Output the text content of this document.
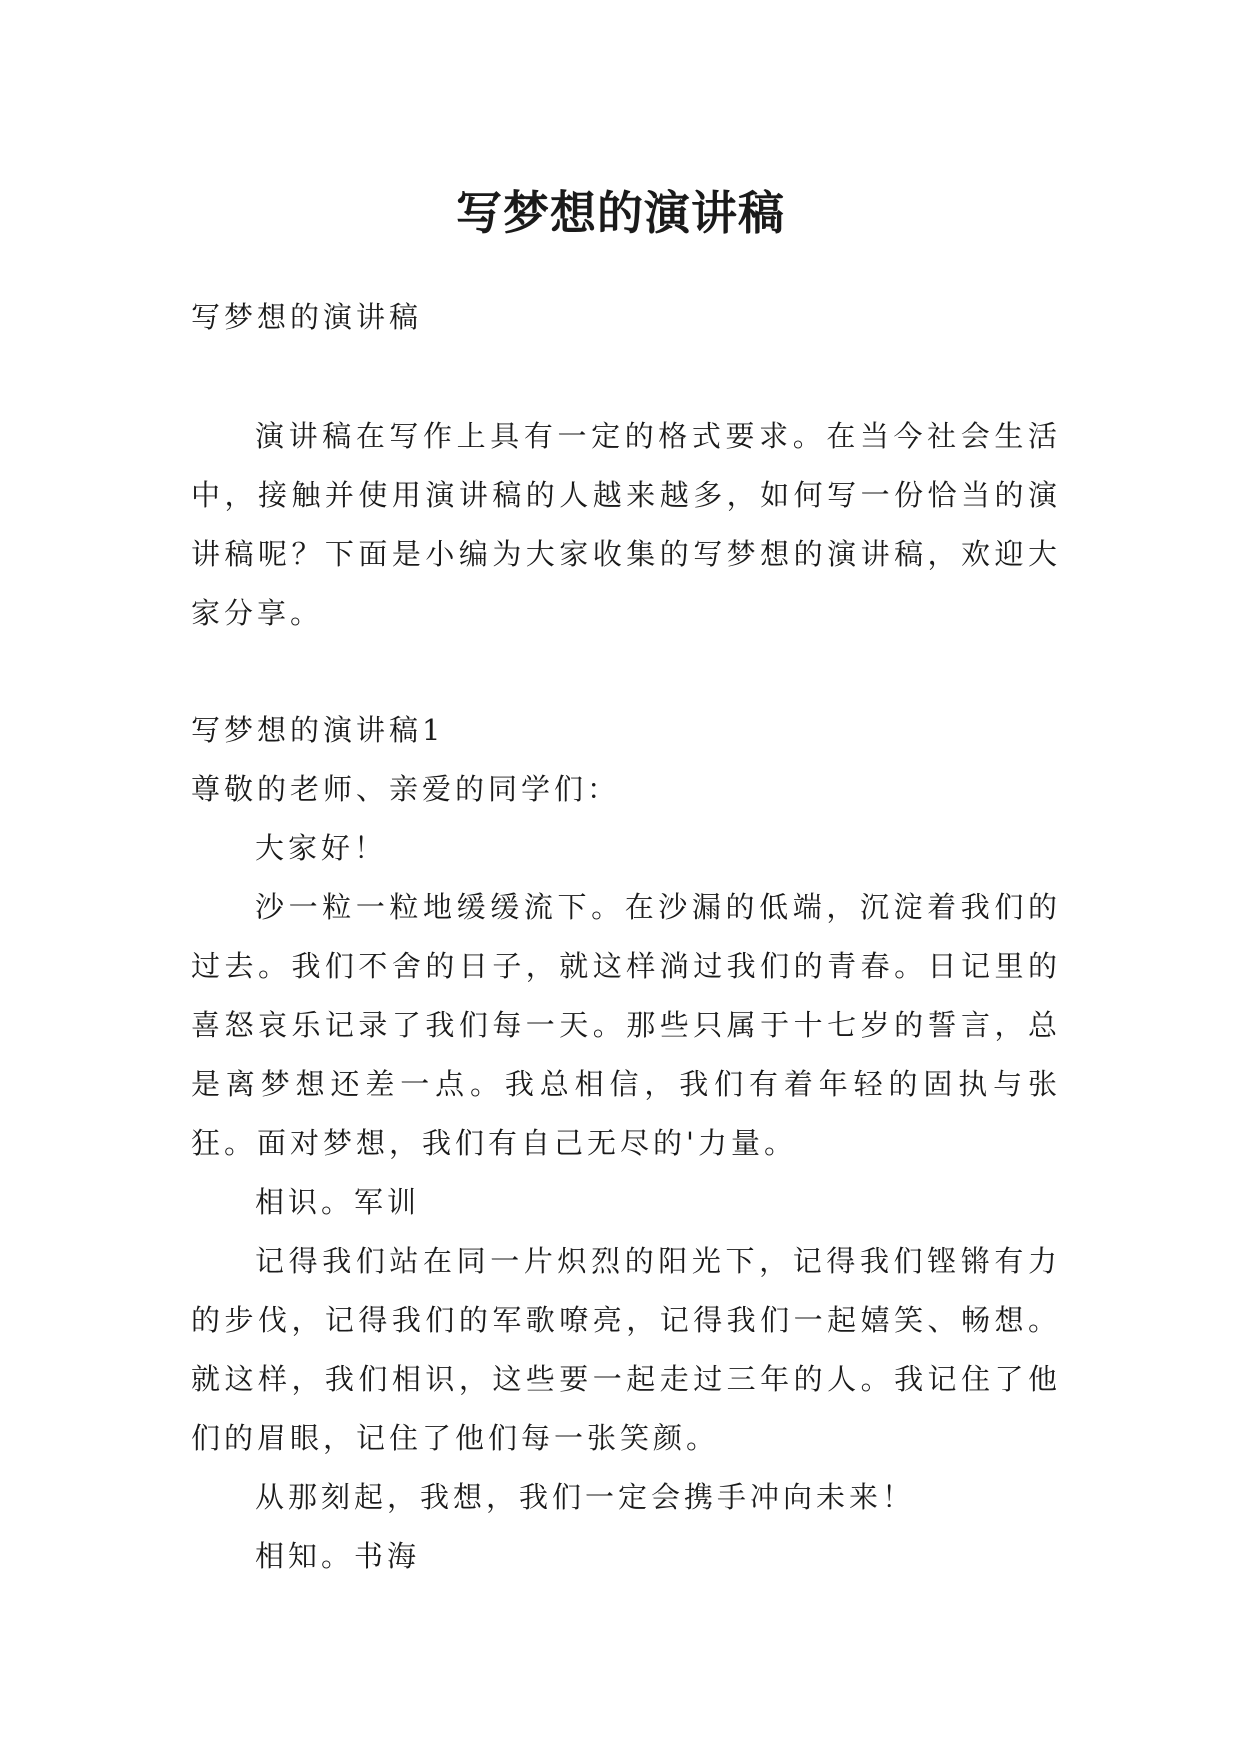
写梦想的演讲稿

写梦想的演讲稿

演讲稿在写作上具有一定的格式要求。在当今社会生活中，接触并使用演讲稿的人越来越多，如何写一份恰当的演讲稿呢？下面是小编为大家收集的写梦想的演讲稿，欢迎大家分享。

写梦想的演讲稿1

尊敬的老师、亲爱的同学们：

大家好！

沙一粒一粒地缓缓流下。在沙漏的低端，沉淀着我们的过去。我们不舍的日子，就这样淌过我们的青春。日记里的喜怒哀乐记录了我们每一天。那些只属于十七岁的誓言，总是离梦想还差一点。我总相信，我们有着年轻的固执与张狂。面对梦想，我们有自己无尽的'力量。

相识。军训

记得我们站在同一片炽烈的阳光下，记得我们铿锵有力的步伐，记得我们的军歌嘹亮，记得我们一起嬉笑、畅想。就这样，我们相识，这些要一起走过三年的人。我记住了他们的眉眼，记住了他们每一张笑颜。

从那刻起，我想，我们一定会携手冲向未来！

相知。书海
